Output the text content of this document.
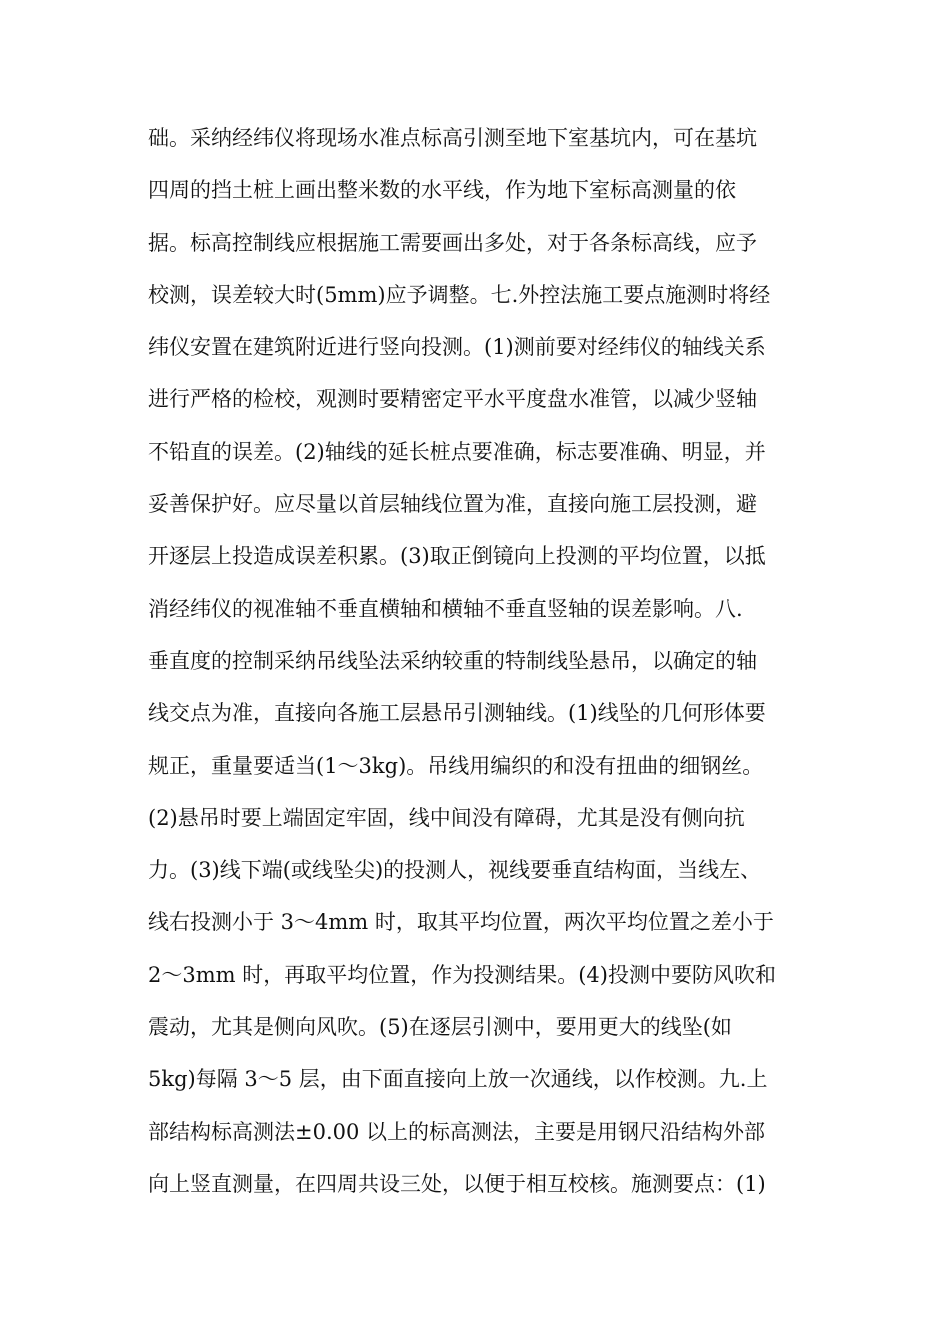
础。采纳经纬仪将现场水准点标高引测至地下室基坑内，可在基坑
四周的挡土桩上画出整米数的水平线，作为地下室标高测量的依
据。标高控制线应根据施工需要画出多处，对于各条标高线，应予
校测，误差较大时(5mm)应予调整。七.外控法施工要点施测时将经
纬仪安置在建筑附近进行竖向投测。(1)测前要对经纬仪的轴线关系
进行严格的检校，观测时要精密定平水平度盘水准管，以减少竖轴
不铅直的误差。(2)轴线的延长桩点要准确，标志要准确、明显，并
妥善保护好。应尽量以首层轴线位置为准，直接向施工层投测，避
开逐层上投造成误差积累。(3)取正倒镜向上投测的平均位置，以抵
消经纬仪的视准轴不垂直横轴和横轴不垂直竖轴的误差影响。八.
垂直度的控制采纳吊线坠法采纳较重的特制线坠悬吊，以确定的轴
线交点为准，直接向各施工层悬吊引测轴线。(1)线坠的几何形体要
规正，重量要适当(1～3kg)。吊线用编织的和没有扭曲的细钢丝。
(2)悬吊时要上端固定牢固，线中间没有障碍，尤其是没有侧向抗
力。(3)线下端(或线坠尖)的投测人，视线要垂直结构面，当线左、
线右投测小于 3～4mm 时，取其平均位置，两次平均位置之差小于
2～3mm 时，再取平均位置，作为投测结果。(4)投测中要防风吹和
震动，尤其是侧向风吹。(5)在逐层引测中，要用更大的线坠(如
5kg)每隔 3～5 层，由下面直接向上放一次通线，以作校测。九.上
部结构标高测法±0.00 以上的标高测法，主要是用钢尺沿结构外部
向上竖直测量，在四周共设三处，以便于相互校核。施测要点：(1)
